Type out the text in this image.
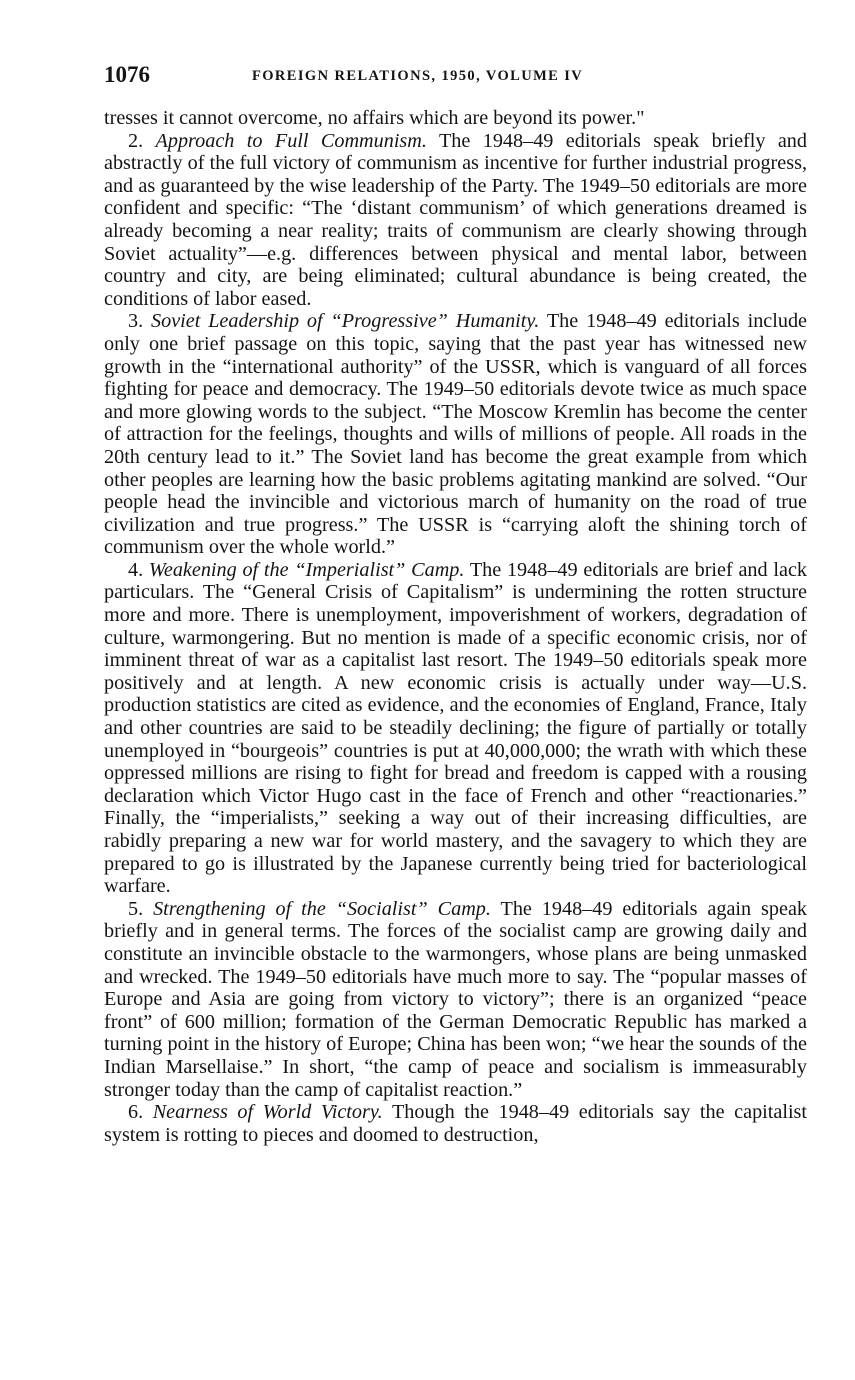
1076	FOREIGN RELATIONS, 1950, VOLUME IV

tresses it cannot overcome, no affairs which are beyond its power."

2. Approach to Full Communism. The 1948–49 editorials speak briefly and abstractly of the full victory of communism as incentive for further industrial progress, and as guaranteed by the wise leadership of the Party. The 1949–50 editorials are more confident and specific: “The ‘distant communism’ of which generations dreamed is already becoming a near reality; traits of communism are clearly showing through Soviet actuality”—e.g. differences between physical and mental labor, between country and city, are being eliminated; cultural abundance is being created, the conditions of labor eased.

3. Soviet Leadership of “Progressive” Humanity. The 1948–49 editorials include only one brief passage on this topic, saying that the past year has witnessed new growth in the “international authority” of the USSR, which is vanguard of all forces fighting for peace and democracy. The 1949–50 editorials devote twice as much space and more glowing words to the subject. “The Moscow Kremlin has become the center of attraction for the feelings, thoughts and wills of millions of people. All roads in the 20th century lead to it.” The Soviet land has become the great example from which other peoples are learning how the basic problems agitating mankind are solved. “Our people head the invincible and victorious march of humanity on the road of true civilization and true progress.” The USSR is “carrying aloft the shining torch of communism over the whole world.”

4. Weakening of the “Imperialist” Camp. The 1948–49 editorials are brief and lack particulars. The “General Crisis of Capitalism” is undermining the rotten structure more and more. There is unemployment, impoverishment of workers, degradation of culture, warmongering. But no mention is made of a specific economic crisis, nor of imminent threat of war as a capitalist last resort. The 1949–50 editorials speak more positively and at length. A new economic crisis is actually under way—U.S. production statistics are cited as evidence, and the economies of England, France, Italy and other countries are said to be steadily declining; the figure of partially or totally unemployed in “bourgeois” countries is put at 40,000,000; the wrath with which these oppressed millions are rising to fight for bread and freedom is capped with a rousing declaration which Victor Hugo cast in the face of French and other “reactionaries.” Finally, the “imperialists,” seeking a way out of their increasing difficulties, are rabidly preparing a new war for world mastery, and the savagery to which they are prepared to go is illustrated by the Japanese currently being tried for bacteriological warfare.

5. Strengthening of the “Socialist” Camp. The 1948–49 editorials again speak briefly and in general terms. The forces of the socialist camp are growing daily and constitute an invincible obstacle to the warmongers, whose plans are being unmasked and wrecked. The 1949–50 editorials have much more to say. The “popular masses of Europe and Asia are going from victory to victory”; there is an organized “peace front” of 600 million; formation of the German Democratic Republic has marked a turning point in the history of Europe; China has been won; “we hear the sounds of the Indian Marsellaise.” In short, “the camp of peace and socialism is immeasurably stronger today than the camp of capitalist reaction.”

6. Nearness of World Victory. Though the 1948–49 editorials say the capitalist system is rotting to pieces and doomed to destruction,
